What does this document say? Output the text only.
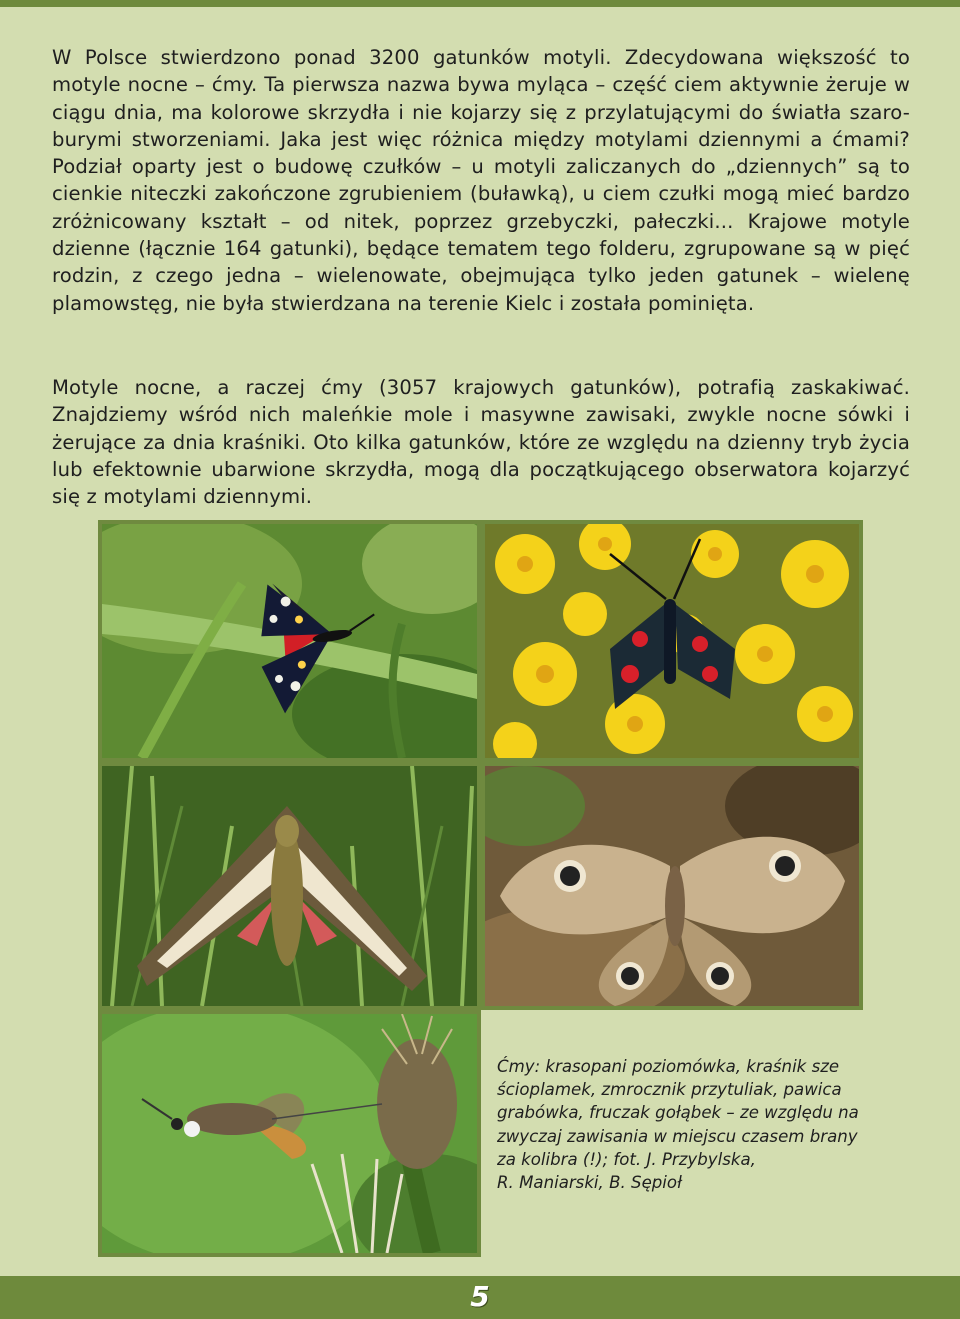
W Polsce stwierdzono ponad 3200 gatunków motyli. Zdecydowana większość to motyle nocne – ćmy. Ta pierwsza nazwa bywa myląca – część ciem aktywnie żeruje w ciągu dnia, ma kolorowe skrzydła i nie kojarzy się z przylatującymi do światła szaro-burymi stworzeniami. Jaka jest więc różnica między motylami dziennymi a ćmami? Podział oparty jest o budowę czułków – u motyli zaliczanych do „dziennych” są to cienkie niteczki zakończone zgrubieniem (buławką), u ciem czułki mogą mieć bardzo zróżnicowany kształt – od nitek, poprzez grzebyczki, pałeczki... Krajowe motyle dzienne (łącznie 164 gatunki), będące tematem tego folderu, zgrupowane są w pięć rodzin, z czego jedna – wielenowate, obejmująca tylko jeden gatunek – wielenę plamowstęg, nie była stwierdzana na terenie Kielc i została pominięta.

Motyle nocne, a raczej ćmy (3057 krajowych gatunków), potrafią zaskakiwać. Znajdziemy wśród nich maleńkie mole i masywne zawisaki, zwykle nocne sówki i żerujące za dnia kraśniki. Oto kilka gatunków, które ze względu na dzienny tryb życia lub efektownie ubarwione skrzydła, mogą dla początkującego obserwatora kojarzyć się z motylami dziennymi.

Ćmy: krasopani poziomówka, kraśnik sze
ścioplamek, zmrocznik przytuliak, pawica
grabówka, fruczak gołąbek – ze względu na
zwyczaj zawisania w miejscu czasem brany
za kolibra (!); fot. J. Przybylska,
R. Maniarski, B. Sępioł
5
